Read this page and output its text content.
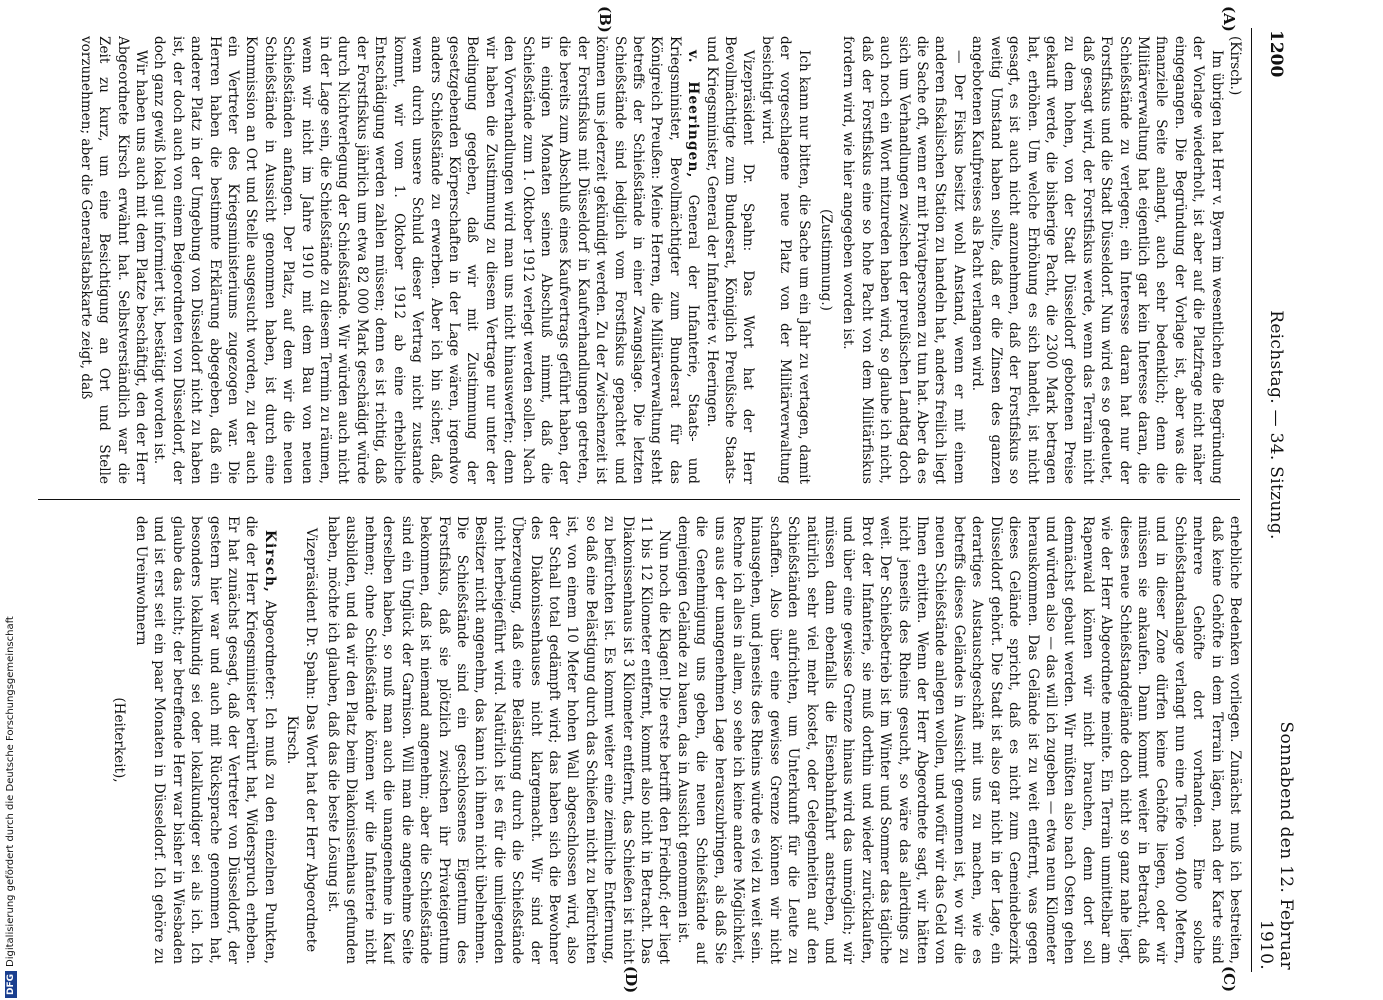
1200
Reichstag. — 34. Sitzung.
Sonnabend den 12. Februar 1910.
(A)
(B)
(C)
(D)

(Kirsch.)

Im übrigen hat Herr v. Byern im wesentlichen die Begründung der Vorlage wiederholt, ist aber auf die Platzfrage nicht näher eingegangen. Die Begründung der Vorlage ist, aber was die finanzielle Seite anlangt, auch sehr bedenklich; denn die Militärverwaltung hat eigentlich gar kein Interesse daran, die Schießstände zu verlegen; ein Interesse daran hat nur der Forstfiskus und die Stadt Düsseldorf. Nun wird es so gedeutet, daß gesagt wird, der Forstfiskus werde, wenn das Terrain nicht zu dem hohen, von der Stadt Düsseldorf gebotenen Preise gekauft werde, die bisherige Pacht, die 2300 Mark betragen hat, erhöhen. Um welche Erhöhung es sich handelt, ist nicht gesagt, es ist auch nicht anzunehmen, daß der Forstfiskus so weitig Umstand haben sollte, daß er die Zinsen des ganzen angebotenen Kaufpreises als Pacht verlangen wird.

— Der Fiskus besitzt wohl Anstand, wenn er mit einem anderen fiskalischen Station zu handeln hat, anders freilich liegt die Sache oft, wenn er mit Privatpersonen zu tun hat. Aber da es sich um Verhandlungen zwischen der preußischen Landtag doch auch noch ein Wort mitzureden haben wird, so glaube ich nicht, daß der Forstfiskus eine so hohe Pacht von dem Militärfiskus fordern wird, wie hier angegeben worden ist.

(Zustimmung.)

Ich kann nur bitten, die Sache um ein Jahr zu vertagen, damit der vorgeschlagene neue Platz von der Militärverwaltung besichtigt wird.

Vizepräsident Dr. Spahn: Das Wort hat der Herr Bevollmächtigte zum Bundesrat, Königlich Preußische Staats- und Kriegsminister, General der Infanterie v. Heeringen.

v. Heeringen, General der Infanterie, Staats- und Kriegsminister, Bevollmächtigter zum Bundesrat für das Königreich Preußen: Meine Herren, die Militärverwaltung steht betreffs der Schießstände in einer Zwangslage. Die letzten Schießstände sind lediglich vom Forstfiskus gepachtet und können uns jederzeit gekündigt werden. Zu der Zwischenzeit ist der Forstfiskus mit Düsseldorf in Kaufverhandlungen getreten, die bereits zum Abschluß eines Kaufvertrags geführt haben, der in einigen Monaten seinen Abschluß nimmt, daß die Schießstände zum 1. Oktober 1912 verlegt werden sollen. Nach den Vorverhandlungen wird man uns nicht hinauswerfen; denn wir haben die Zustimmung zu diesem Vertrage nur unter der Bedingung gegeben, daß wir mit Zustimmung der gesetzgebenden Körperschaften in der Lage wären, irgendwo anders Schießstände zu erwerben. Aber ich bin sicher, daß, wenn durch unsere Schuld dieser Vertrag nicht zustande kommt, wir vom 1. Oktober 1912 ab eine erhebliche Entschädigung werden zahlen müssen; denn es ist richtig, daß der Forstfiskus jährlich um etwa 82 000 Mark geschädigt würde durch Nichtverlegung der Schießstände. Wir würden auch nicht in der Lage sein, die Schießstände zu diesem Termin zu räumen, wenn wir nicht im Jahre 1910 mit dem Bau von neuen Schießständen anfangen. Der Platz, auf dem wir die neuen Schießstände in Aussicht genommen haben, ist durch eine Kommission an Ort und Stelle ausgesucht worden, zu der auch ein Vertreter des Kriegsministeriums zugezogen war. Die Herren haben die bestimmte Erklärung abgegeben, daß ein anderer Platz in der Umgebung von Düsseldorf nicht zu haben ist, der doch auch von einem Beigeordneten von Düsseldorf, der doch ganz gewiß lokal gut informiert ist, bestätigt worden ist.

Wir haben uns auch mit dem Platze beschäftigt, den der Herr Abgeordnete Kirsch erwähnt hat. Selbstverständlich war die Zeit zu kurz, um eine Besichtigung an Ort und Stelle vorzunehmen; aber die Generalstabskarte zeigt, daß

erhebliche Bedenken vorliegen. Zunächst muß ich bestreiten, daß keine Gehöfte in dem Terrain lägen, nach der Karte sind mehrere Gehöfte dort vorhanden. Eine solche Schießstandsanlage verlangt nun eine Tiefe von 4000 Metern, und in dieser Zone dürfen keine Gehöfte liegen, oder wir müssen sie ankaufen. Dann kommt weiter in Betracht, daß dieses neue Schießstandgelände doch nicht so ganz nahe liegt, wie der Herr Abgeordnete meinte. Ein Terrain unmittelbar am Rapenwald können wir nicht brauchen, denn dort soll demnächst gebaut werden. Wir müßten also nach Osten gehen und würden also — das will ich zugeben — etwa neun Kilometer herauskommen. Das Gelände ist zu weit entfernt, was gegen dieses Gelände spricht, daß es nicht zum Gemeindebezirk Düsseldorf gehört. Die Stadt ist also gar nicht in der Lage, ein derartiges Austauschgeschäft mit uns zu machen, wie es betreffs dieses Geländes in Aussicht genommen ist, wo wir die neuen Schießstände anlegen wollen, und wofür wir das Geld von Ihnen erbitten. Wenn der Herr Abgeordnete sagt, wir hätten nicht jenseits des Rheins gesucht, so wäre das allerdings zu weit. Der Schießbetrieb ist im Winter und Sommer das tägliche Brot der Infanterie, sie muß dorthin und wieder zurücklaufen, und über eine gewisse Grenze hinaus wird das unmöglich; wir müssen dann ebenfalls die Eisenbahnfahrt anstreben, und natürlich sehr viel mehr kostet, oder Gelegenheiten auf den Schießständen aufrichten, um Unterkunft für die Leute zu schaffen. Also über eine gewisse Grenze können wir nicht hinausgehen, und jenseits des Rheins würde es viel zu weit sein. Rechne ich alles in allem, so sehe ich keine andere Möglichkeit, uns aus der unangenehmen Lage herauszubringen, als daß Sie die Genehmigung uns geben, die neuen Schießstände auf demjenigen Gelände zu bauen, das in Aussicht genommen ist.

Nun noch die Klagen! Die erste betrifft den Friedhof; der liegt 11 bis 12 Kilometer entfernt, kommt also nicht in Betracht. Das Diakonissenhaus ist 3 Kilometer entfernt, das Schießen ist nicht zu befürchten ist. Es kommt weiter eine ziemliche Entfernung, so daß eine Belästigung durch das Schießen nicht zu befürchten ist, von einem 10 Meter hohen Wall abgeschlossen wird, also der Schall total gedämpft wird; das haben sich die Bewohner des Diakonissenhauses nicht klargemacht. Wir sind der Überzeugung, daß eine Belästigung durch die Schießstände nicht herbeigeführt wird. Natürlich ist es für die umliegenden Besitzer nicht angenehm, das kann ich ihnen nicht übelnehmen. Die Schießstände sind ein geschlossenes Eigentum des Forstfiskus, daß sie plötzlich zwischen ihr Privateigentum bekommen, daß ist niemand angenehm; aber die Schießstände sind ein Unglück der Garnison. Will man die angenehme Seite derselben haben, so muß man auch die unangenehme in Kauf nehmen; ohne Schießstände können wir die Infanterie nicht ausbilden, und da wir den Platz beim Diakonissenhaus gefunden haben, möchte ich glauben, daß das die beste Lösung ist.

Vizepräsident Dr. Spahn: Das Wort hat der Herr Abgeordnete Kirsch.

Kirsch, Abgeordneter: Ich muß zu den einzelnen Punkten, die der Herr Kriegsminister berührt hat, Widerspruch erheben. Er hat zunächst gesagt, daß der Vertreter von Düsseldorf, der gestern hier war und auch mit Rücksprache genommen hat, besonders lokalkundig sei oder lokalkundiger sei als ich. Ich glaube das nicht; der betreffende Herr war bisher in Wiesbaden und ist erst seit ein paar Monaten in Düsseldorf. Ich gehöre zu den Ureinwohnern

(Heiterkeit),

DFGDigitalisierung gefördert durch die Deutsche Forschungsgemeinschaft
